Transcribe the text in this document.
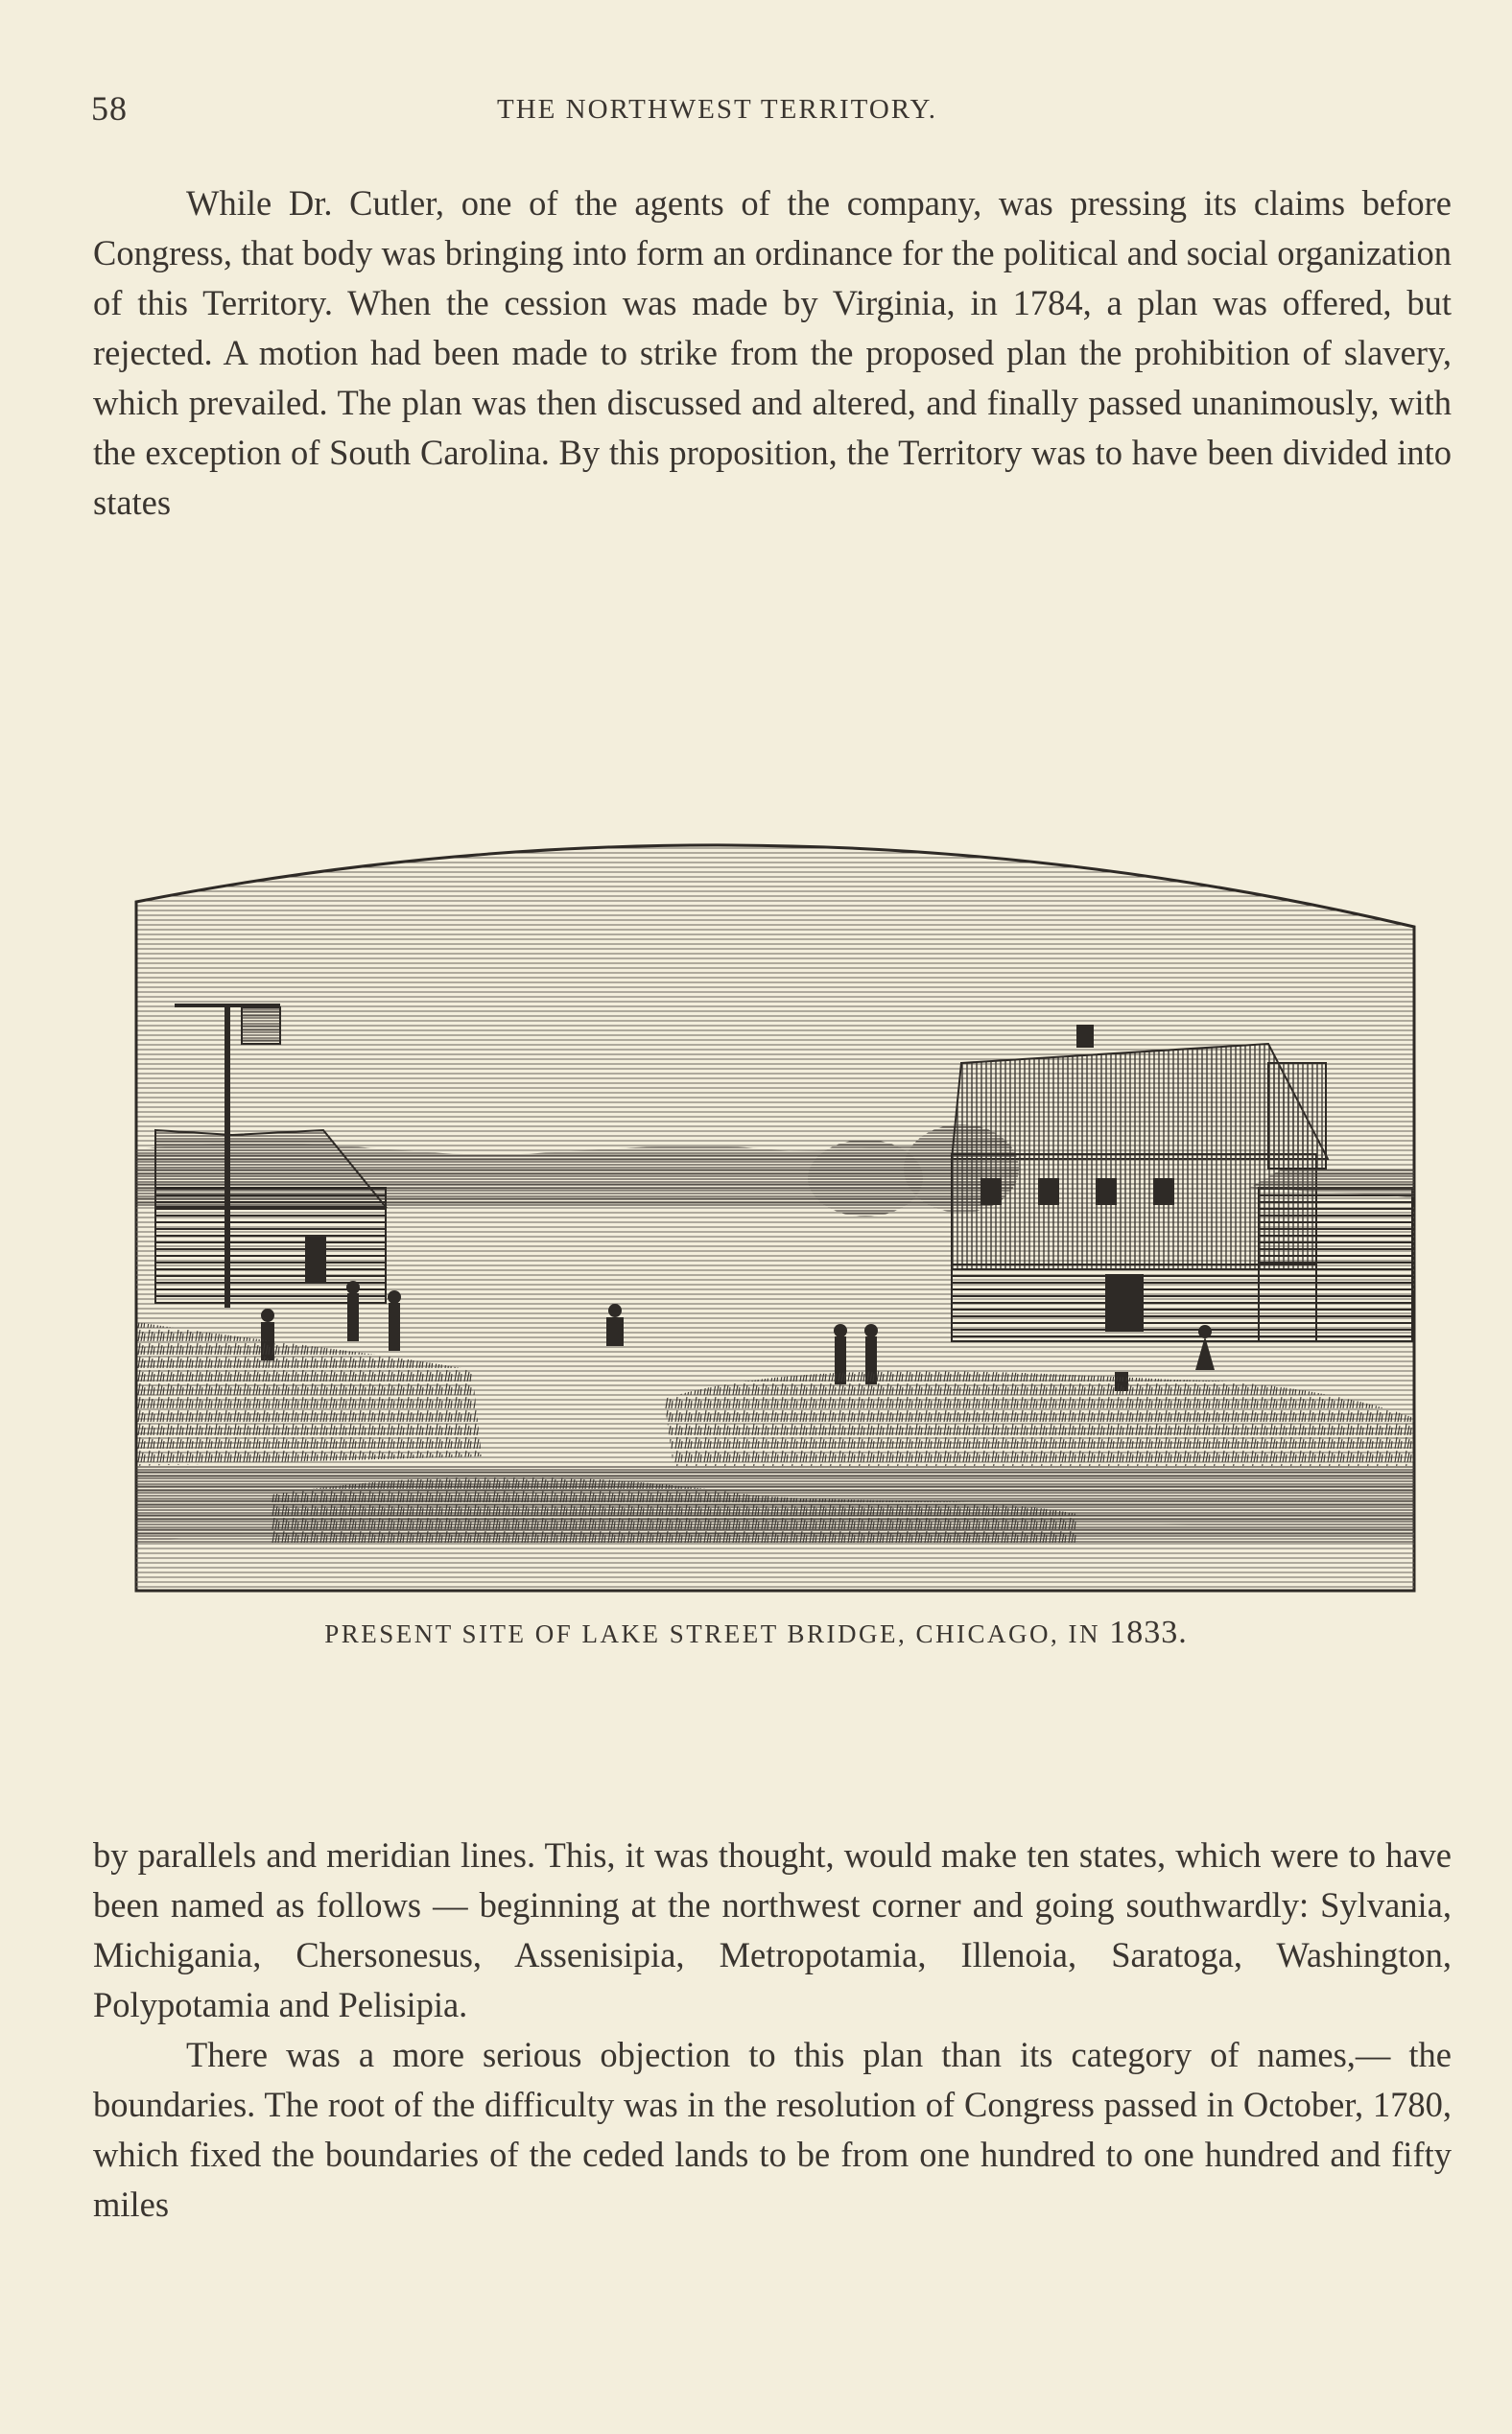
58	THE NORTHWEST TERRITORY.

While Dr. Cutler, one of the agents of the company, was pressing its claims before Congress, that body was bringing into form an ordinance for the political and social organization of this Territory. When the cession was made by Virginia, in 1784, a plan was offered, but rejected. A motion had been made to strike from the proposed plan the prohibition of slavery, which prevailed. The plan was then discussed and altered, and finally passed unanimously, with the exception of South Carolina. By this proposition, the Territory was to have been divided into states

PRESENT SITE OF LAKE STREET BRIDGE, CHICAGO, IN 1833.

by parallels and meridian lines. This, it was thought, would make ten states, which were to have been named as follows — beginning at the northwest corner and going southwardly: Sylvania, Michigania, Chersonesus, Assenisipia, Metropotamia, Illenoia, Saratoga, Washington, Polypotamia and Pelisipia.

There was a more serious objection to this plan than its category of names,— the boundaries. The root of the difficulty was in the resolution of Congress passed in October, 1780, which fixed the boundaries of the ceded lands to be from one hundred to one hundred and fifty miles
